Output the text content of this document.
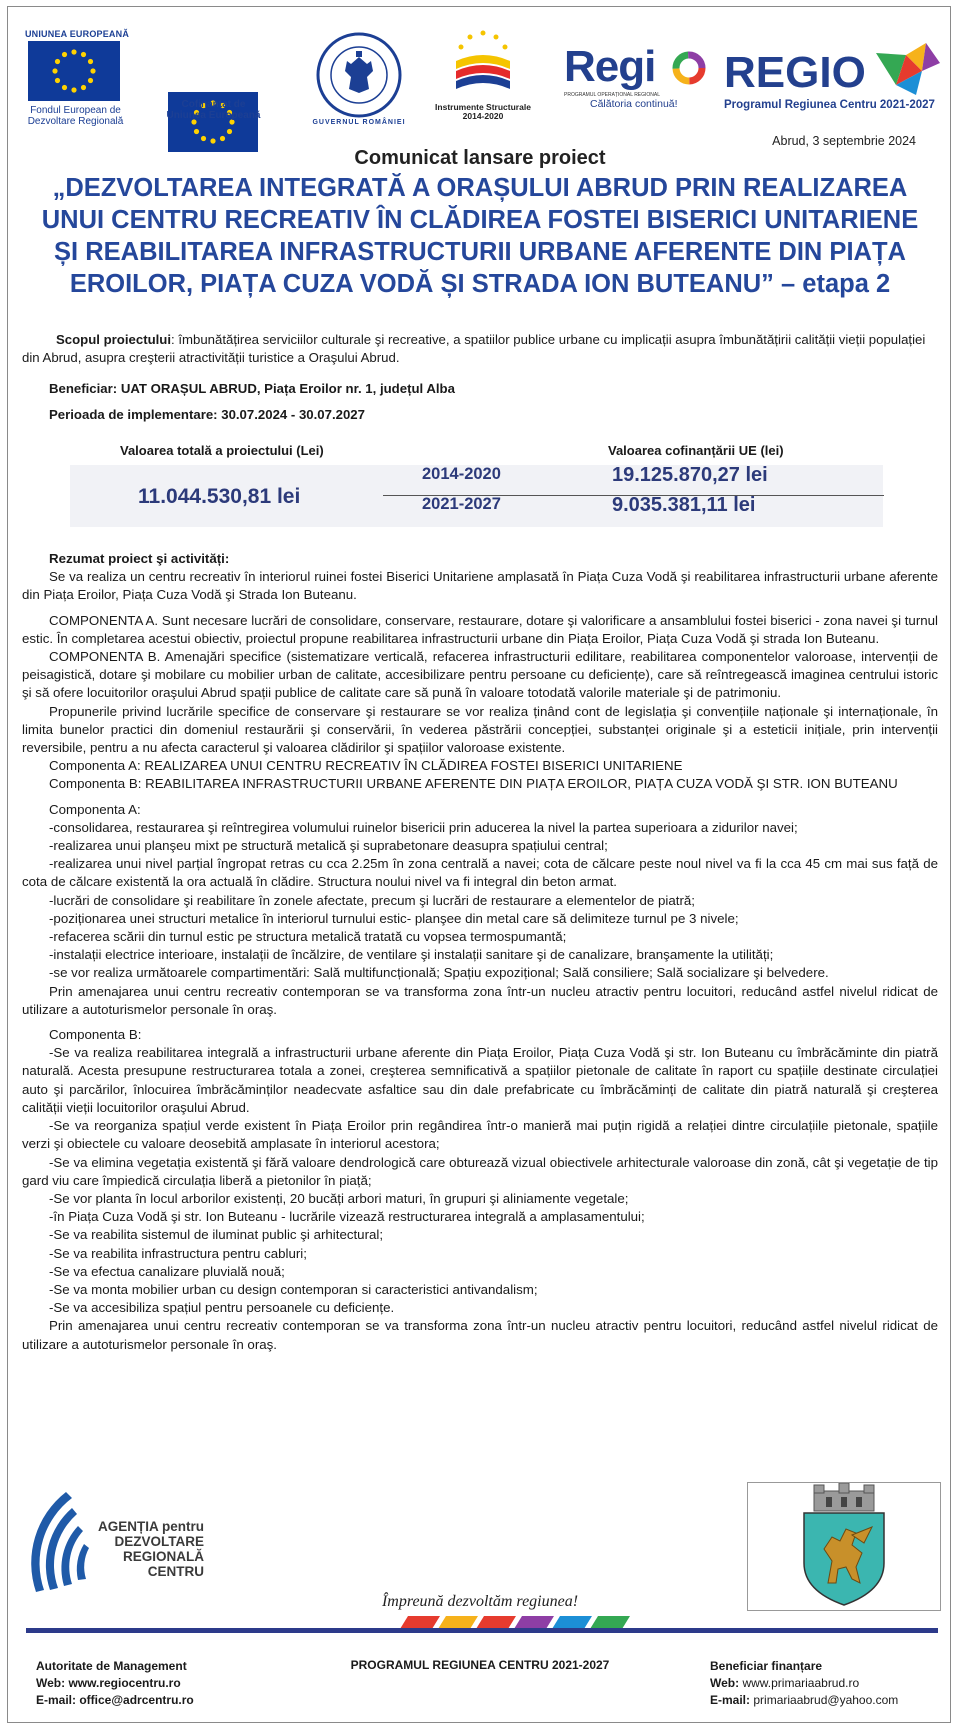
UNIUNEA EUROPEANĂ
Fondul European de
Dezvoltare Regională
Cofinanțat de
Uniunea Europeană
GUVERNUL ROMÂNIEI
Instrumente Structurale
2014-2020
Regi
PROGRAMUL OPERAȚIONAL REGIONAL
Călătoria continuă!
REGIO
Programul Regiunea Centru 2021-2027
Abrud, 3 septembrie 2024
Comunicat lansare proiect
„DEZVOLTAREA INTEGRATĂ A ORAȘULUI ABRUD PRIN REALIZAREA
UNUI CENTRU RECREATIV ÎN CLĂDIREA FOSTEI BISERICI UNITARIENE
ȘI REABILITAREA INFRASTRUCTURII URBANE AFERENTE DIN PIAȚA
EROILOR, PIAȚA CUZA VODĂ ȘI STRADA ION BUTEANU” – etapa 2
Scopul proiectului: îmbunătățirea serviciilor culturale şi recreative, a spatiilor publice urbane cu implicații asupra îmbunătățirii calității vieții populației din Abrud, asupra creşterii atractivității turistice a Oraşului Abrud.
Beneficiar: UAT ORAȘUL ABRUD, Piața Eroilor nr. 1, județul Alba
Perioada de implementare: 30.07.2024 - 30.07.2027
Valoarea totală a proiectului (Lei)	Valoarea cofinanțării UE (lei)
11.044.530,81 lei
2014-2020	19.125.870,27 lei
2021-2027	9.035.381,11 lei

Rezumat proiect şi activități:

Se va realiza un centru recreativ în interiorul ruinei fostei Biserici Unitariene amplasată în Piața Cuza Vodă şi reabilitarea infrastructurii urbane aferente din Piața Eroilor, Piața Cuza Vodă şi Strada Ion Buteanu.

COMPONENTA A. Sunt necesare lucrări de consolidare, conservare, restaurare, dotare şi valorificare a ansamblului fostei biserici - zona navei şi turnul estic. În completarea acestui obiectiv, proiectul propune reabilitarea infrastructurii urbane din Piața Eroilor, Piața Cuza Vodă şi strada Ion Buteanu.

COMPONENTA B. Amenajări specifice (sistematizare verticală, refacerea infrastructurii edilitare, reabilitarea componentelor valoroase, intervenții de peisagistică, dotare şi mobilare cu mobilier urban de calitate, accesibilizare pentru persoane cu deficiențe), care să reîntregească imaginea centrului istoric şi să ofere locuitorilor oraşului Abrud spații publice de calitate care să pună în valoare totodată valorile materiale şi de patrimoniu.

Propunerile privind lucrările specifice de conservare şi restaurare se vor realiza ținând cont de legislația şi convențiile naționale şi internaționale, în limita bunelor practici din domeniul restaurării şi conservării, în vederea păstrării concepției, substanței originale şi a esteticii inițiale, prin intervenții reversibile, pentru a nu afecta caracterul şi valoarea clădirilor şi spațiilor valoroase existente.

Componenta A: REALIZAREA UNUI CENTRU RECREATIV ÎN CLĂDIREA FOSTEI BISERICI UNITARIENE

Componenta B: REABILITAREA INFRASTRUCTURII URBANE AFERENTE DIN PIAȚA EROILOR, PIAȚA CUZA VODĂ ŞI STR. ION BUTEANU

Componenta A:

-consolidarea, restaurarea şi reîntregirea volumului ruinelor bisericii prin aducerea la nivel la partea superioara a zidurilor navei;

-realizarea unui planşeu mixt pe structură metalică şi suprabetonare deasupra spațiului central;

-realizarea unui nivel parțial îngropat retras cu cca 2.25m în zona centrală a navei; cota de călcare peste noul nivel va fi la cca 45 cm mai sus față de cota de călcare existentă la ora actuală în clădire. Structura noului nivel va fi integral din beton armat.

-lucrări de consolidare şi reabilitare în zonele afectate, precum şi lucrări de restaurare a elementelor de piatră;

-poziționarea unei structuri metalice în interiorul turnului estic- planşee din metal care să delimiteze turnul pe 3 nivele;

-refacerea scării din turnul estic pe structura metalică tratată cu vopsea termospumantă;

-instalații electrice interioare, instalații de încălzire, de ventilare şi instalații sanitare şi de canalizare, branşamente la utilități;

-se vor realiza următoarele compartimentări: Sală multifuncțională; Spațiu expozițional; Sală consiliere; Sală socializare şi belvedere.

Prin amenajarea unui centru recreativ contemporan se va transforma zona într-un nucleu atractiv pentru locuitori, reducând astfel nivelul ridicat de utilizare a autoturismelor personale în oraş.

Componenta B:

-Se va realiza reabilitarea integrală a infrastructurii urbane aferente din Piața Eroilor, Piața Cuza Vodă şi str. Ion Buteanu cu îmbrăcăminte din piatră naturală. Acesta presupune restructurarea totala a zonei, creşterea semnificativă a spațiilor pietonale de calitate în raport cu spațiile destinate circulației auto şi parcărilor, înlocuirea îmbrăcăminților neadecvate asfaltice sau din dale prefabricate cu îmbrăcăminți de calitate din piatră naturală şi creşterea calității vieții locuitorilor oraşului Abrud.

-Se va reorganiza spațiul verde existent în Piața Eroilor prin regândirea într-o manieră mai puțin rigidă a relației dintre circulațiile pietonale, spațiile verzi şi obiectele cu valoare deosebită amplasate în interiorul acestora;

-Se va elimina vegetația existentă şi fără valoare dendrologică care obturează vizual obiectivele arhitecturale valoroase din zonă, cât şi vegetație de tip gard viu care împiedică circulația liberă a pietonilor în piață;

-Se vor planta în locul arborilor existenți, 20 bucăți arbori maturi, în grupuri şi aliniamente vegetale;

-în Piața Cuza Vodă şi str. Ion Buteanu - lucrările vizează restructurarea integrală a amplasamentului;

-Se va reabilita sistemul de iluminat public şi arhitectural;

-Se va reabilita infrastructura pentru cabluri;

-Se va efectua canalizare pluvială nouă;

-Se va monta mobilier urban cu design contemporan si caracteristici antivandalism;

-Se va accesibiliza spațiul pentru persoanele cu deficiențe.

Prin amenajarea unui centru recreativ contemporan se va transforma zona într-un nucleu atractiv pentru locuitori, reducând astfel nivelul ridicat de utilizare a autoturismelor personale în oraş.

AGENȚIA pentru
DEZVOLTARE
REGIONALĂ
CENTRU
Împreună dezvoltăm regiunea!
Autoritate de Management
Web: www.regiocentru.ro
E-mail: office@adrcentru.ro
PROGRAMUL REGIUNEA CENTRU 2021-2027	Beneficiar finanțare
Web: www.primariaabrud.ro
E-mail: primariaabrud@yahoo.com
